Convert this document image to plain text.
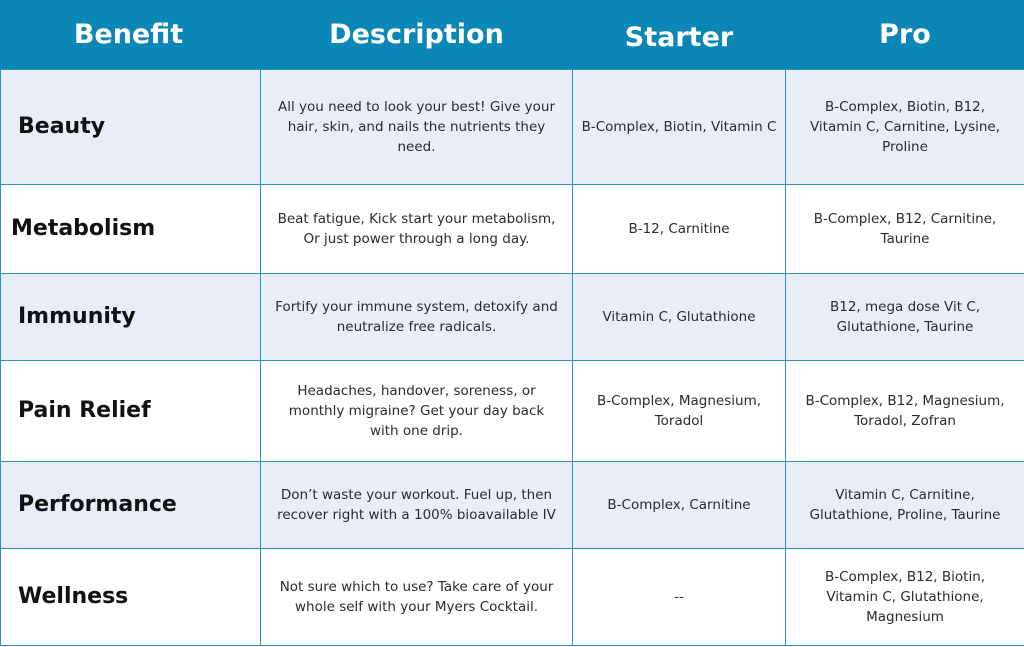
Benefit	Description	Starter	Pro
Beauty	All you need to look your best! Give your hair, skin, and nails the nutrients they need.	B-Complex, Biotin, Vitamin C	B-Complex, Biotin, B12, Vitamin C, Carnitine, Lysine, Proline
Metabolism	Beat fatigue, Kick start your metabolism, Or just power through a long day.	B-12, Carnitine	B-Complex, B12, Carnitine, Taurine
Immunity	Fortify your immune system, detoxify and neutralize free radicals.	Vitamin C, Glutathione	B12, mega dose Vit C, Glutathione, Taurine
Pain Relief	Headaches, handover, soreness, or monthly migraine? Get your day back with one drip.	B-Complex, Magnesium, Toradol	B-Complex, B12, Magnesium, Toradol, Zofran
Performance	Don’t waste your workout. Fuel up, then recover right with a 100% bioavailable IV	B-Complex, Carnitine	Vitamin C, Carnitine, Glutathione, Proline, Taurine
Wellness	Not sure which to use? Take care of your whole self with your Myers Cocktail.	--	B-Complex, B12, Biotin, Vitamin C, Glutathione, Magnesium
